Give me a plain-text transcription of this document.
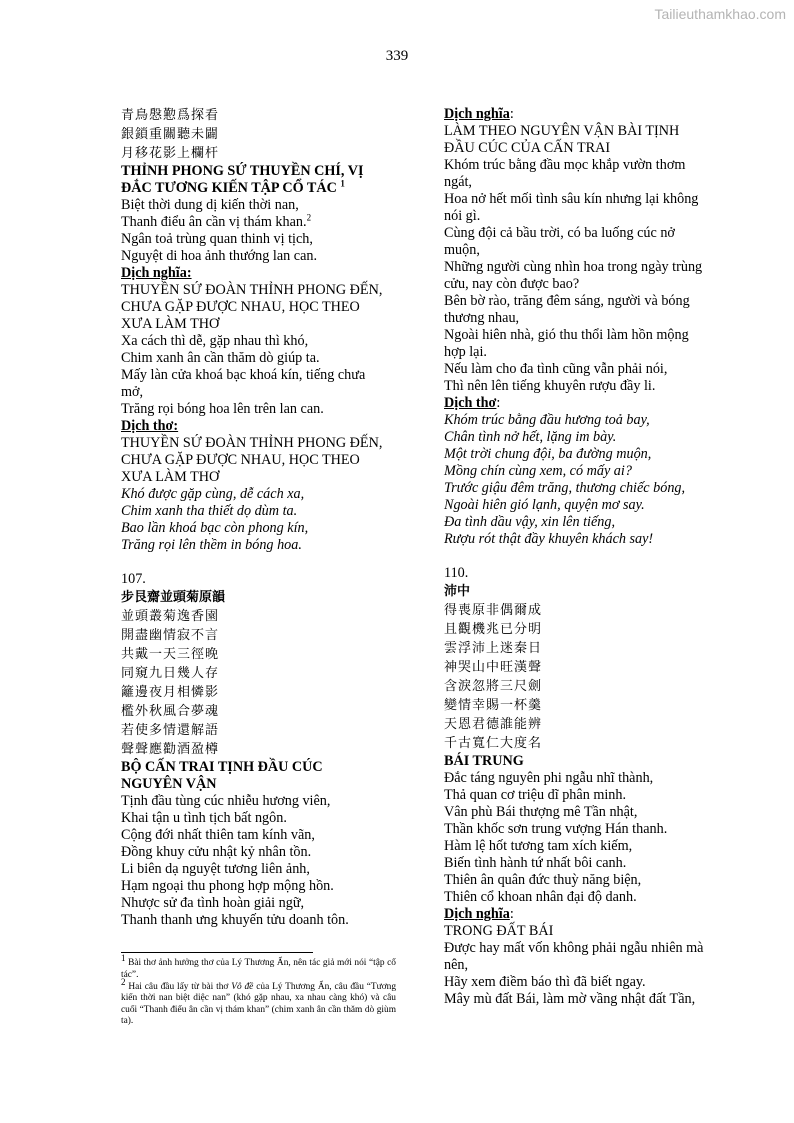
Tailieuthamkhao.com
339
青鳥慇懃爲探看
銀鎖重關聽未闢
月移花影上欄杆
THỈNH PHONG SỨ THUYỀN CHÍ, VỊ
ĐẮC TƯƠNG KIẾN TẬP CỔ TÁC $^1$
Biệt thời dung dị kiến thời nan,
Thanh điểu ân cần vị thám khan.$^2$
Ngân toả trùng quan thinh vị tịch,
Nguyệt di hoa ảnh thướng lan can.
Dịch nghĩa:
THUYỀN SỨ ĐOÀN THỈNH PHONG ĐẾN,
CHƯA GẶP ĐƯỢC NHAU, HỌC THEO
XƯA LÀM THƠ
Xa cách thì dễ, gặp nhau thì khó,
Chim xanh ân cần thăm dò giúp ta.
Mấy làn cửa khoá bạc khoá kín, tiếng chưa
mở,
Trăng rọi bóng hoa lên trên lan can.
Dịch thơ:
THUYỀN SỨ ĐOÀN THỈNH PHONG ĐẾN,
CHƯA GẶP ĐƯỢC NHAU, HỌC THEO
XƯA LÀM THƠ
Khó được gặp cùng, dễ cách xa,
Chim xanh tha thiết dọ dùm ta.
Bao lần khoá bạc còn phong kín,
Trăng rọi lên thềm in bóng hoa.
107.
步艮齋並頭菊原韻
並頭叢菊逸香園
開盡幽情寂不言
共戴一天三徑晚
同窺九日幾人存
籬邊夜月相憐影
檻外秋風合夢魂
若使多情還解語
聲聲應勸酒盈樽
BỘ CẤN TRAI TỊNH ĐẦU CÚC
NGUYÊN VẬN
Tịnh đầu tùng cúc nhiễu hương viên,
Khai tận u tình tịch bất ngôn.
Cộng đới nhất thiên tam kính vãn,
Đồng khuy cửu nhật kỷ nhân tồn.
Li biên dạ nguyệt tương liên ảnh,
Hạm ngoại thu phong hợp mộng hồn.
Nhược sử đa tình hoàn giải ngữ,
Thanh thanh ưng khuyến tửu doanh tôn.

$^1$ Bài thơ ảnh hưởng thơ của Lý Thương Ẩn, nên tác giả mới nói “tập cổ tác”.

$^2$ Hai câu đầu lấy từ bài thơ Vô đề của Lý Thương Ẩn, câu đầu “Tương kiến thời nan biệt diệc nan” (khó gặp nhau, xa nhau càng khó) và câu cuối “Thanh điểu ân cần vị thám khan” (chim xanh ân cần thăm dò giùm ta).

Dịch nghĩa:
LÀM THEO NGUYÊN VẬN BÀI TỊNH
ĐẦU CÚC CỦA CẤN TRAI
Khóm trúc bằng đầu mọc khắp vườn thơm
ngát,
Hoa nở hết mối tình sâu kín nhưng lại không
nói gì.
Cùng đội cả bầu trời, có ba luống cúc nở
muộn,
Những người cùng nhìn hoa trong ngày trùng
cửu, nay còn được bao?
Bên bờ rào, trăng đêm sáng, người và bóng
thương nhau,
Ngoài hiên nhà, gió thu thổi làm hồn mộng
hợp lại.
Nếu làm cho đa tình cũng vẫn phải nói,
Thì nên lên tiếng khuyên rượu đầy li.
Dịch thơ:
Khóm trúc bằng đầu hương toả bay,
Chân tình nở hết, lặng im bày.
Một trời chung đội, ba đường muộn,
Mồng chín cùng xem, có mấy ai?
Trước giậu đêm trăng, thương chiếc bóng,
Ngoài hiên gió lạnh, quyện mơ say.
Đa tình dầu vậy, xin lên tiếng,
Rượu rót thật đầy khuyên khách say!
110.
沛中
得喪原非偶爾成
且觀機兆已分明
雲浮沛上迷秦日
神哭山中旺漢聲
含淚忽將三尺劍
變情幸賜一杯羹
天恩君德誰能辨
千古寬仁大度名
BÁI TRUNG
Đắc táng nguyên phi ngẫu nhĩ thành,
Thả quan cơ triệu dĩ phân minh.
Vân phù Bái thượng mê Tần nhật,
Thần khốc sơn trung vượng Hán thanh.
Hàm lệ hốt tương tam xích kiếm,
Biến tình hành tứ nhất bôi canh.
Thiên ân quân đức thuỳ năng biện,
Thiên cổ khoan nhân đại độ danh.
Dịch nghĩa:
TRONG ĐẤT BÁI
Được hay mất vốn không phải ngẫu nhiên mà
nên,
Hãy xem điềm báo thì đã biết ngay.
Mây mù đất Bái, làm mờ vầng nhật đất Tần,
